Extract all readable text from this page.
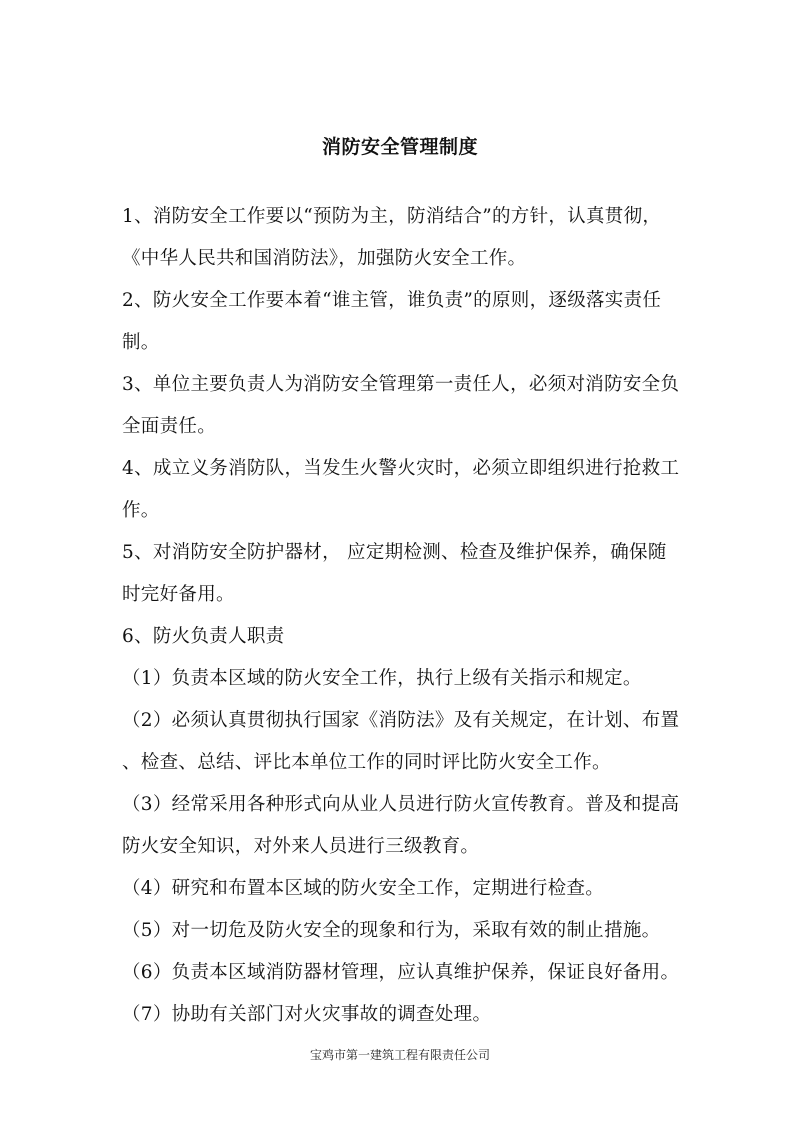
消防安全管理制度
1、消防安全工作要以“预防为主，防消结合”的方针，认真贯彻，
《中华人民共和国消防法》，加强防火安全工作。
2、防火安全工作要本着“谁主管，谁负责”的原则，逐级落实责任
制。
3、单位主要负责人为消防安全管理第一责任人，必须对消防安全负
全面责任。
4、成立义务消防队，当发生火警火灾时，必须立即组织进行抢救工
作。
5、对消防安全防护器材， 应定期检测、检查及维护保养，确保随
时完好备用。
6、防火负责人职责
（1）负责本区域的防火安全工作，执行上级有关指示和规定。
（2）必须认真贯彻执行国家《消防法》及有关规定，在计划、布置
、检查、总结、评比本单位工作的同时评比防火安全工作。
（3）经常采用各种形式向从业人员进行防火宣传教育。普及和提高
防火安全知识，对外来人员进行三级教育。
（4）研究和布置本区域的防火安全工作，定期进行检查。
（5）对一切危及防火安全的现象和行为，采取有效的制止措施。
（6）负责本区域消防器材管理，应认真维护保养，保证良好备用。
（7）协助有关部门对火灾事故的调查处理。
宝鸡市第一建筑工程有限责任公司
